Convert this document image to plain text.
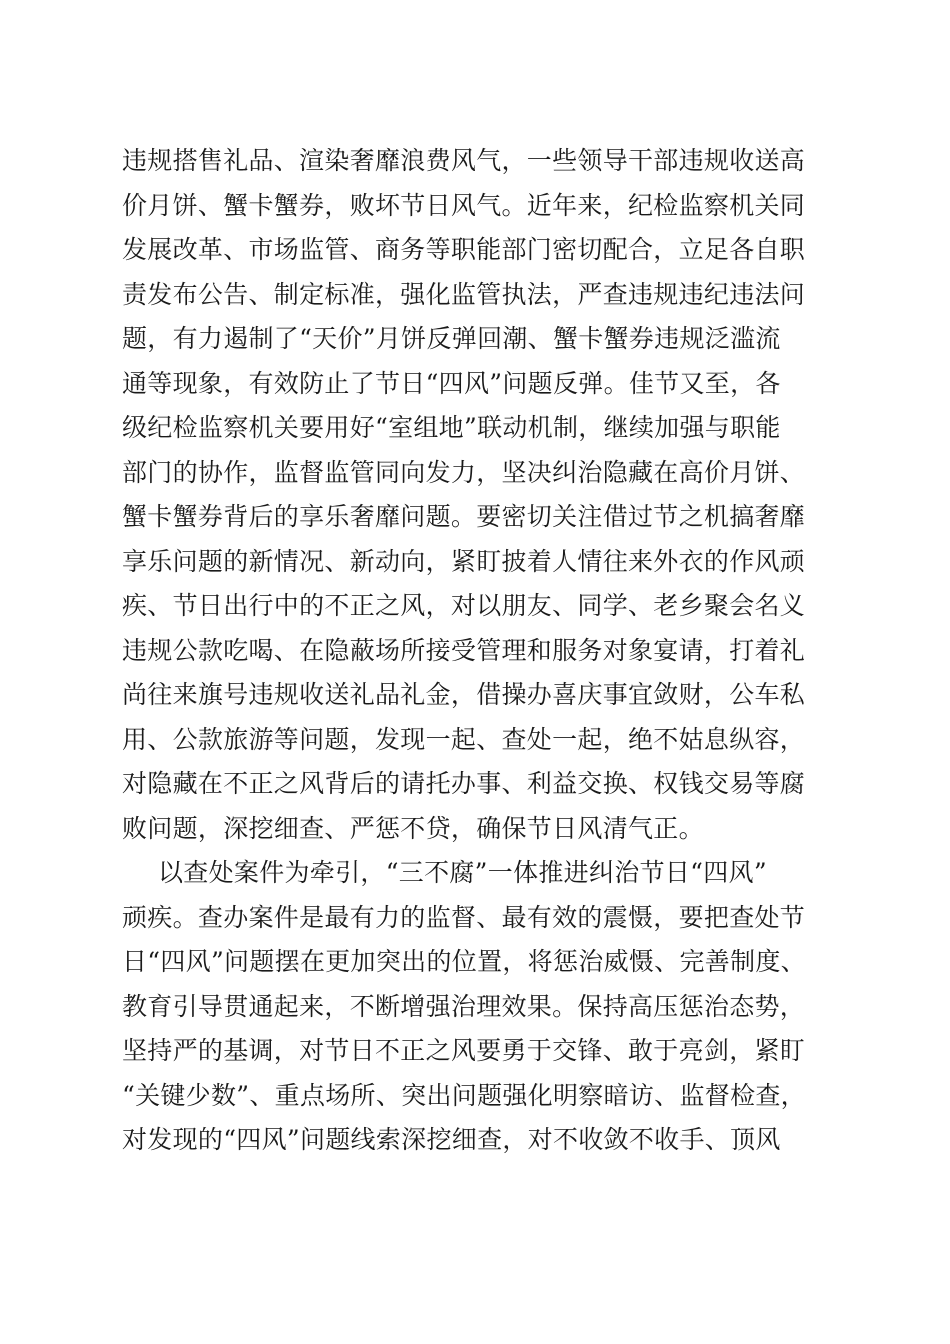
违规搭售礼品、渲染奢靡浪费风气，一些领导干部违规收送高
价月饼、蟹卡蟹券，败坏节日风气。近年来，纪检监察机关同
发展改革、市场监管、商务等职能部门密切配合，立足各自职
责发布公告、制定标准，强化监管执法，严查违规违纪违法问
题，有力遏制了“天价”月饼反弹回潮、蟹卡蟹券违规泛滥流
通等现象，有效防止了节日“四风”问题反弹。佳节又至，各
级纪检监察机关要用好“室组地”联动机制，继续加强与职能
部门的协作，监督监管同向发力，坚决纠治隐藏在高价月饼、
蟹卡蟹券背后的享乐奢靡问题。要密切关注借过节之机搞奢靡
享乐问题的新情况、新动向，紧盯披着人情往来外衣的作风顽
疾、节日出行中的不正之风，对以朋友、同学、老乡聚会名义
违规公款吃喝、在隐蔽场所接受管理和服务对象宴请，打着礼
尚往来旗号违规收送礼品礼金，借操办喜庆事宜敛财，公车私
用、公款旅游等问题，发现一起、查处一起，绝不姑息纵容，
对隐藏在不正之风背后的请托办事、利益交换、权钱交易等腐
败问题，深挖细查、严惩不贷，确保节日风清气正。
以查处案件为牵引，“三不腐”一体推进纠治节日“四风”
顽疾。查办案件是最有力的监督、最有效的震慑，要把查处节
日“四风”问题摆在更加突出的位置，将惩治威慑、完善制度、
教育引导贯通起来，不断增强治理效果。保持高压惩治态势，
坚持严的基调，对节日不正之风要勇于交锋、敢于亮剑，紧盯
“关键少数”、重点场所、突出问题强化明察暗访、监督检查，
对发现的“四风”问题线索深挖细查，对不收敛不收手、顶风
